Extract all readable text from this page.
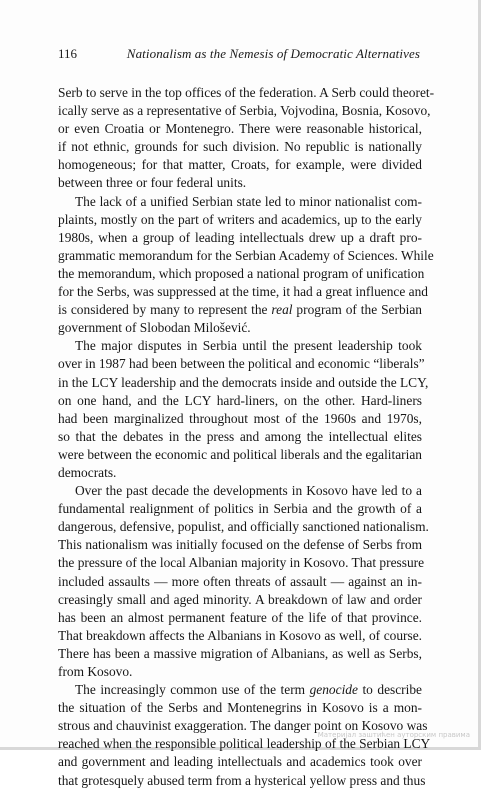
116	Nationalism as the Nemesis of Democratic Alternatives
Serb to serve in the top offices of the federation. A Serb could theoret-
ically serve as a representative of Serbia, Vojvodina, Bosnia, Kosovo,
or even Croatia or Montenegro. There were reasonable historical,
if not ethnic, grounds for such division. No republic is nationally
homogeneous; for that matter, Croats, for example, were divided
between three or four federal units.
The lack of a unified Serbian state led to minor nationalist com-
plaints, mostly on the part of writers and academics, up to the early
1980s, when a group of leading intellectuals drew up a draft pro-
grammatic memorandum for the Serbian Academy of Sciences. While
the memorandum, which proposed a national program of unification
for the Serbs, was suppressed at the time, it had a great influence and
is considered by many to represent the real program of the Serbian
government of Slobodan Milošević.
The major disputes in Serbia until the present leadership took
over in 1987 had been between the political and economic “liberals”
in the LCY leadership and the democrats inside and outside the LCY,
on one hand, and the LCY hard-liners, on the other. Hard-liners
had been marginalized throughout most of the 1960s and 1970s,
so that the debates in the press and among the intellectual elites
were between the economic and political liberals and the egalitarian
democrats.
Over the past decade the developments in Kosovo have led to a
fundamental realignment of politics in Serbia and the growth of a
dangerous, defensive, populist, and officially sanctioned nationalism.
This nationalism was initially focused on the defense of Serbs from
the pressure of the local Albanian majority in Kosovo. That pressure
included assaults — more often threats of assault — against an in-
creasingly small and aged minority. A breakdown of law and order
has been an almost permanent feature of the life of that province.
That breakdown affects the Albanians in Kosovo as well, of course.
There has been a massive migration of Albanians, as well as Serbs,
from Kosovo.
The increasingly common use of the term genocide to describe
the situation of the Serbs and Montenegrins in Kosovo is a mon-
strous and chauvinist exaggeration. The danger point on Kosovo was
reached when the responsible political leadership of the Serbian LCY
and government and leading intellectuals and academics took over
that grotesquely abused term from a hysterical yellow press and thus
Материјал заштићен ауторским правима
